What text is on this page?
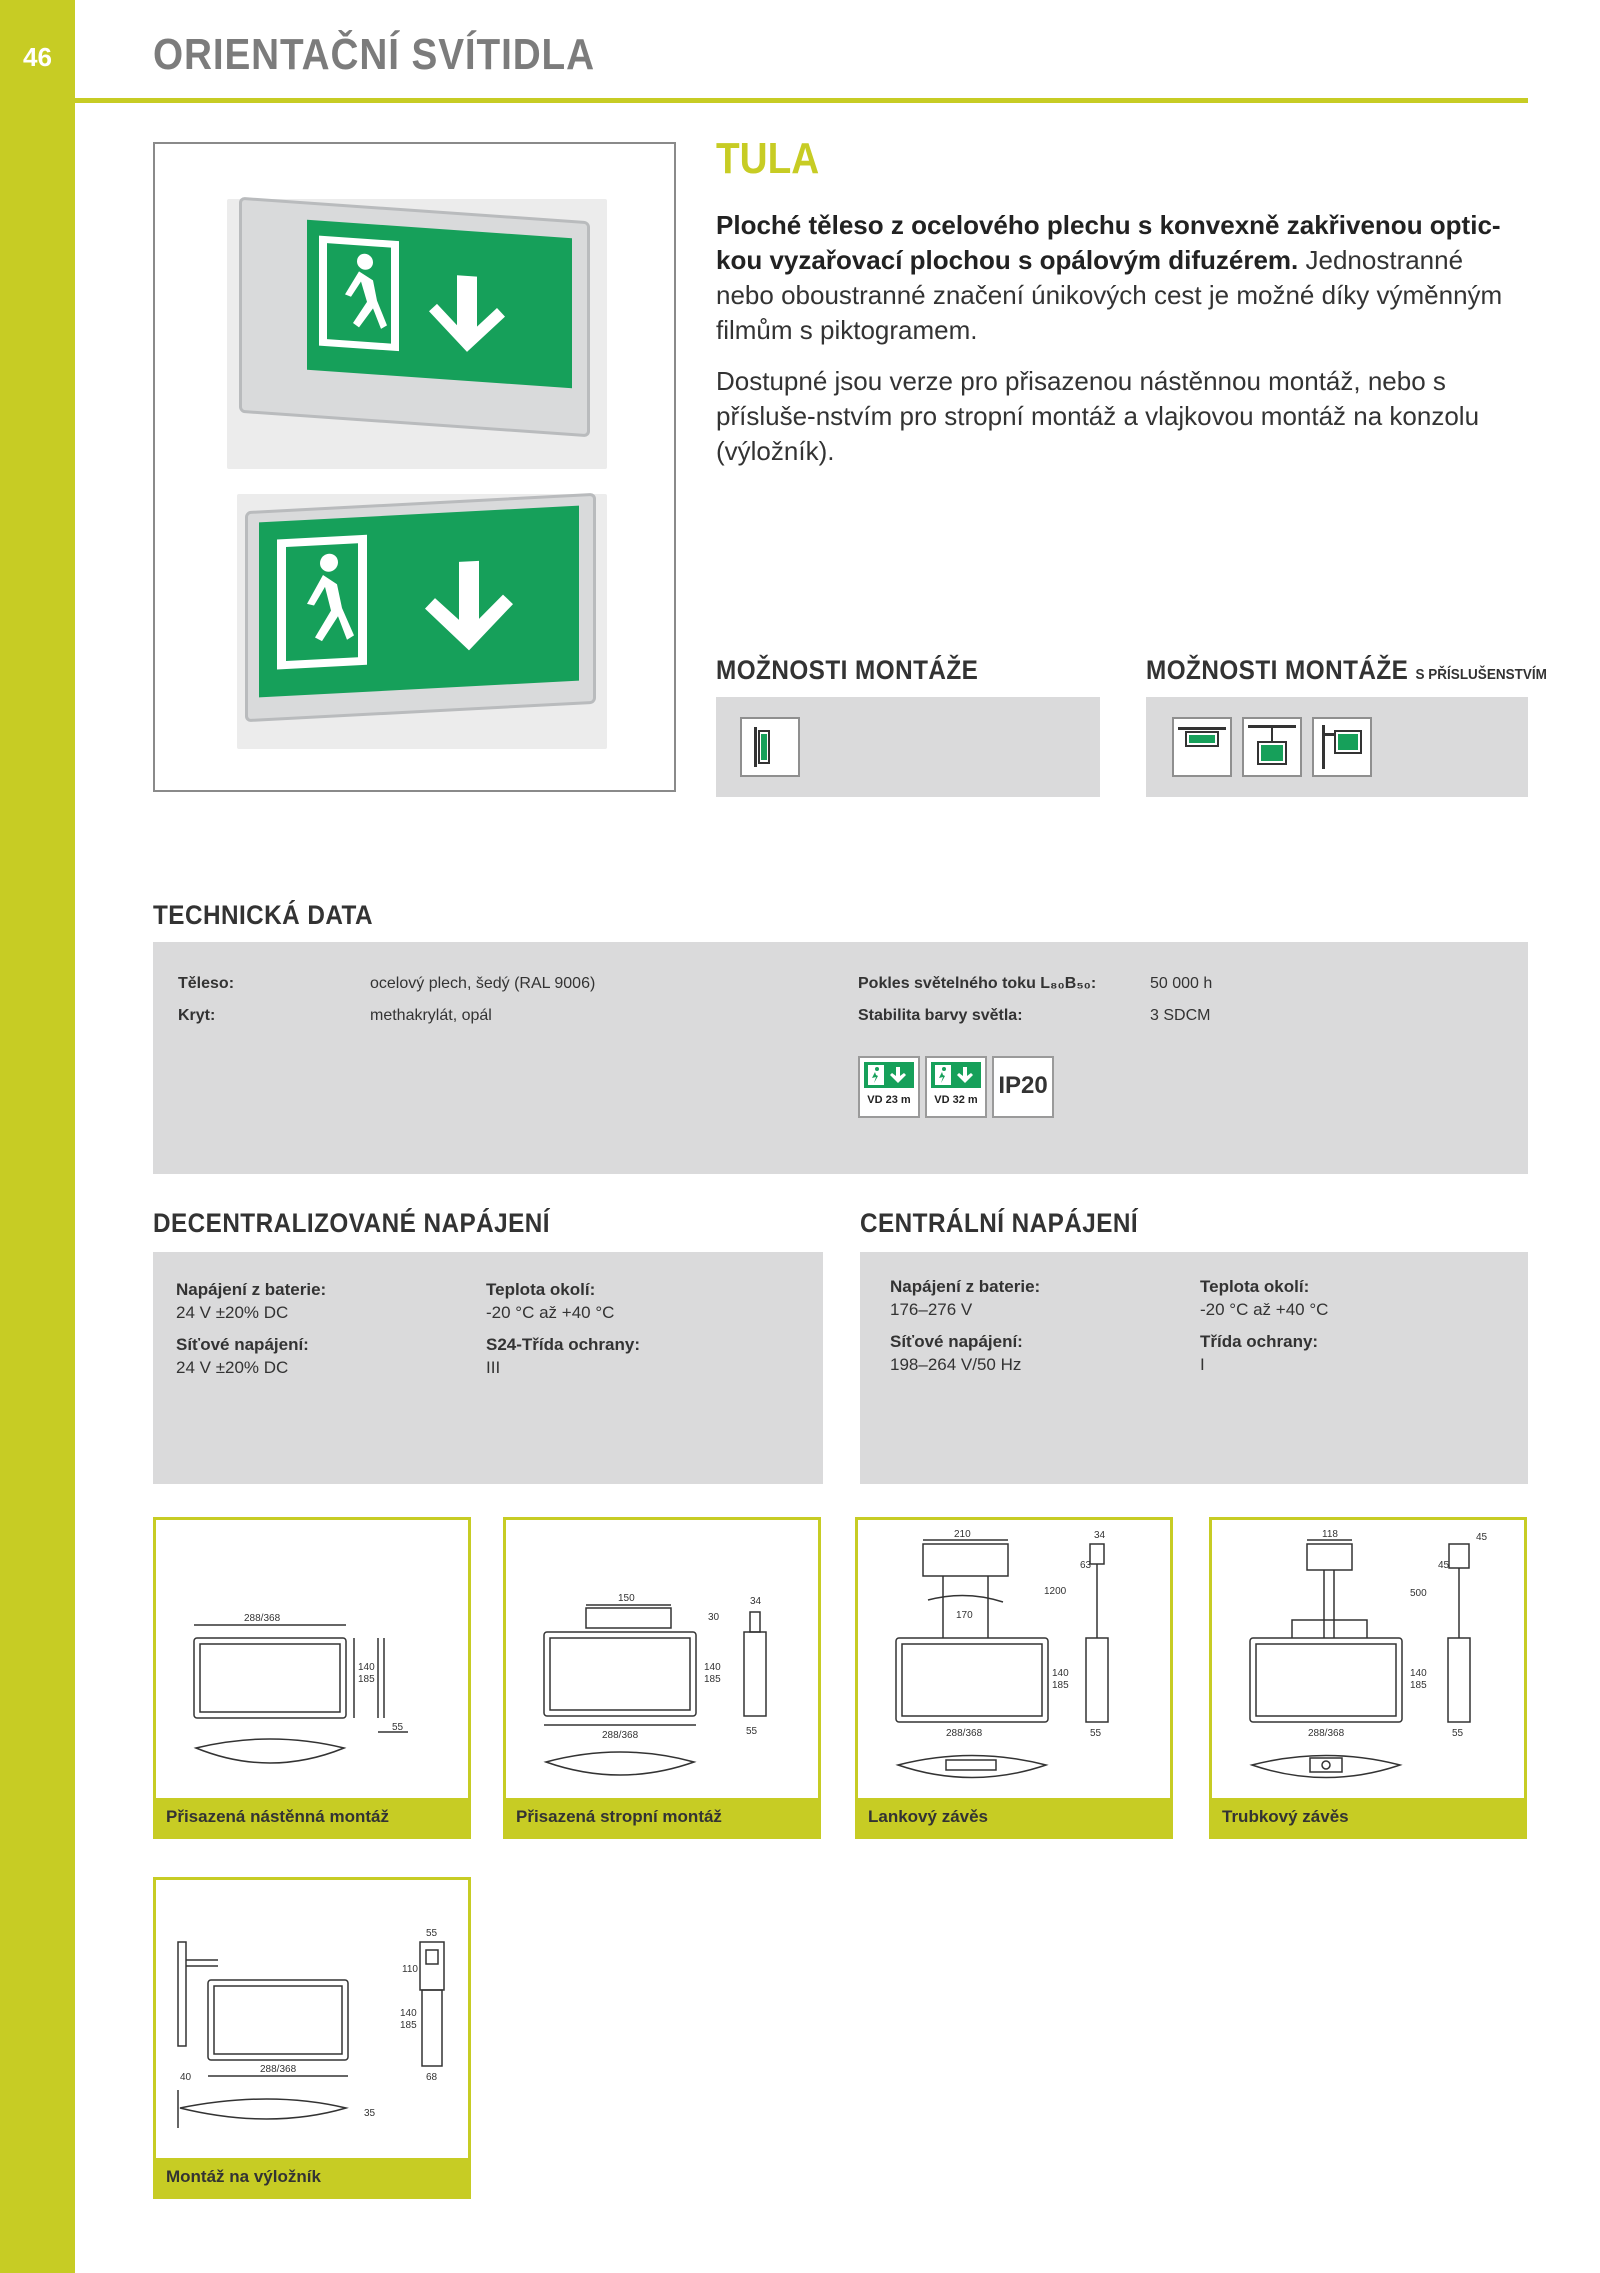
46	ORIENTAČNÍ SVÍTIDLA
TULA

Ploché těleso z ocelového plechu s konvexně zakřivenou optic-kou vyzařovací plochou s opálovým difuzérem. Jednostranné nebo oboustranné značení únikových cest je možné díky výměnným filmům s piktogramem.

Dostupné jsou verze pro přisazenou nástěnnou montáž, nebo s přísluše-nstvím pro stropní montáž a vlajkovou montáž na konzolu (výložník).

MOŽNOSTI MONTÁŽE	MOŽNOSTI MONTÁŽE S PŘÍSLUŠENSTVÍM
TECHNICKÁ DATA
Těleso:	ocelový plech, šedý (RAL 9006)
Kryt:	methakrylát, opál
Pokles světelného toku L₈₀B₅₀:	50 000 h
Stabilita barvy světla:	3 SDCM
VD 23 m	VD 32 m
IP20
DECENTRALIZOVANÉ NAPÁJENÍ	CENTRÁLNÍ NAPÁJENÍ
Napájení z baterie:
24 V ±20% DC
Teplota okolí:
-20 °C až +40 °C
Síťové napájení:
24 V ±20% DC
S24-Třída ochrany:
III
Napájení z baterie:
176–276 V
Teplota okolí:
-20 °C až +40 °C
Síťové napájení:
198–264 V/50 Hz
Třída ochrany:
I
288/368
140
185
55
Přisazená nástěnná montáž
150	34
30
140
185
288/368	55
Přisazená stropní montáž
210	34
63
1200
170
140
185
288/368	55
Lankový závěs
118	45
45
500
140
185
288/368	55
Trubkový závěs
55
110
140
185
40
288/368
68
35
Montáž na výložník
